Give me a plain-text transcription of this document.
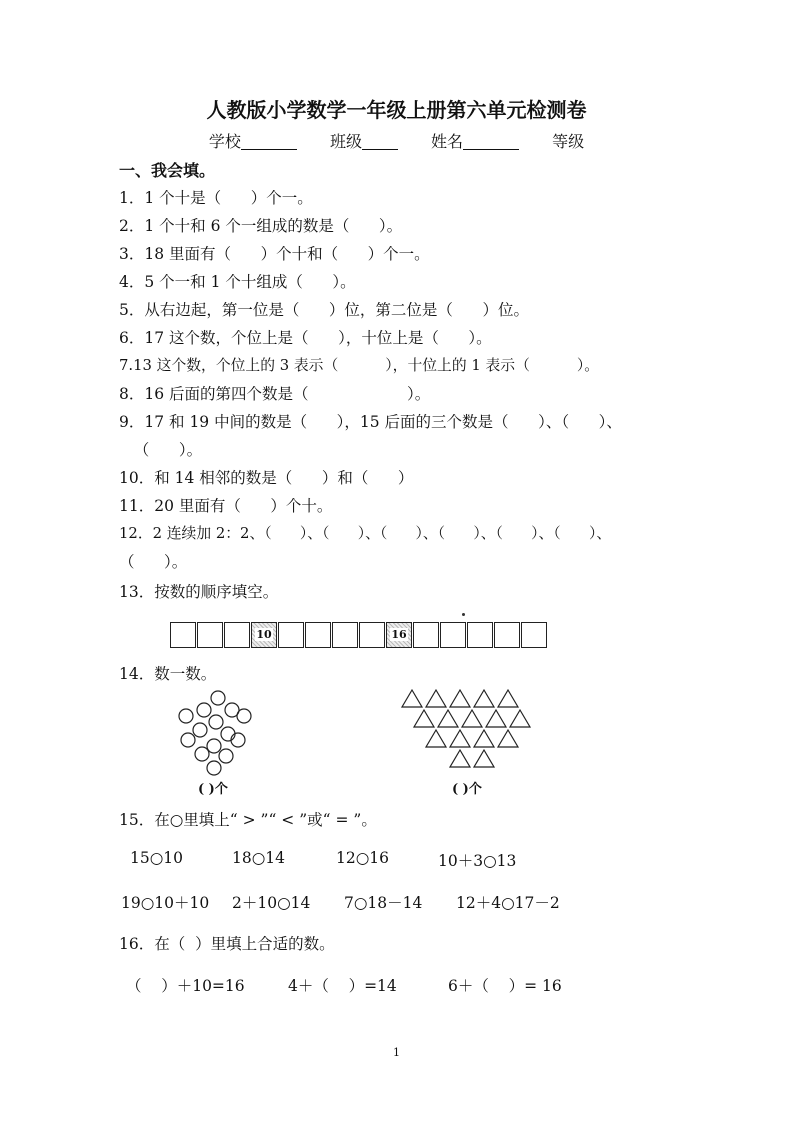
人教版小学数学一年级上册第六单元检测卷
学校	班级	姓名	等级
一、我会填。
1．1 个十是（      ）个一。
2．1 个十和 6 个一组成的数是（      ）。
3．18 里面有（      ）个十和（      ）个一。
4．5 个一和 1 个十组成（      ）。
5．从右边起，第一位是（      ）位，第二位是（      ）位。
6．17 这个数，个位上是（      ），十位上是（      ）。
7.13 这个数，个位上的 3 表示（          ），十位上的 1 表示（          ）。
8．16 后面的第四个数是（                    ）。
9．17 和 19 中间的数是（      ），15 后面的三个数是（      ）、（      ）、
（      ）。
10．和 14 相邻的数是（      ）和（      ）
11．20 里面有（      ）个十。
12．2 连续加 2：2、（      ）、（      ）、（      ）、（      ）、（      ）、（      ）、
（      ）。
13．按数的顺序填空。
10	16
14．数一数。
( )个	( )个
15．在○里填上“ > ”“ < ”或“ = ”。
15○10	18○14	12○16	10＋3○13
19○10＋10 2＋10○14 7○18－14 12＋4○17－2
16．在（  ）里填上合适的数。
（    ）＋10=16	4＋（    ）=14	6＋（    ）= 16
1
